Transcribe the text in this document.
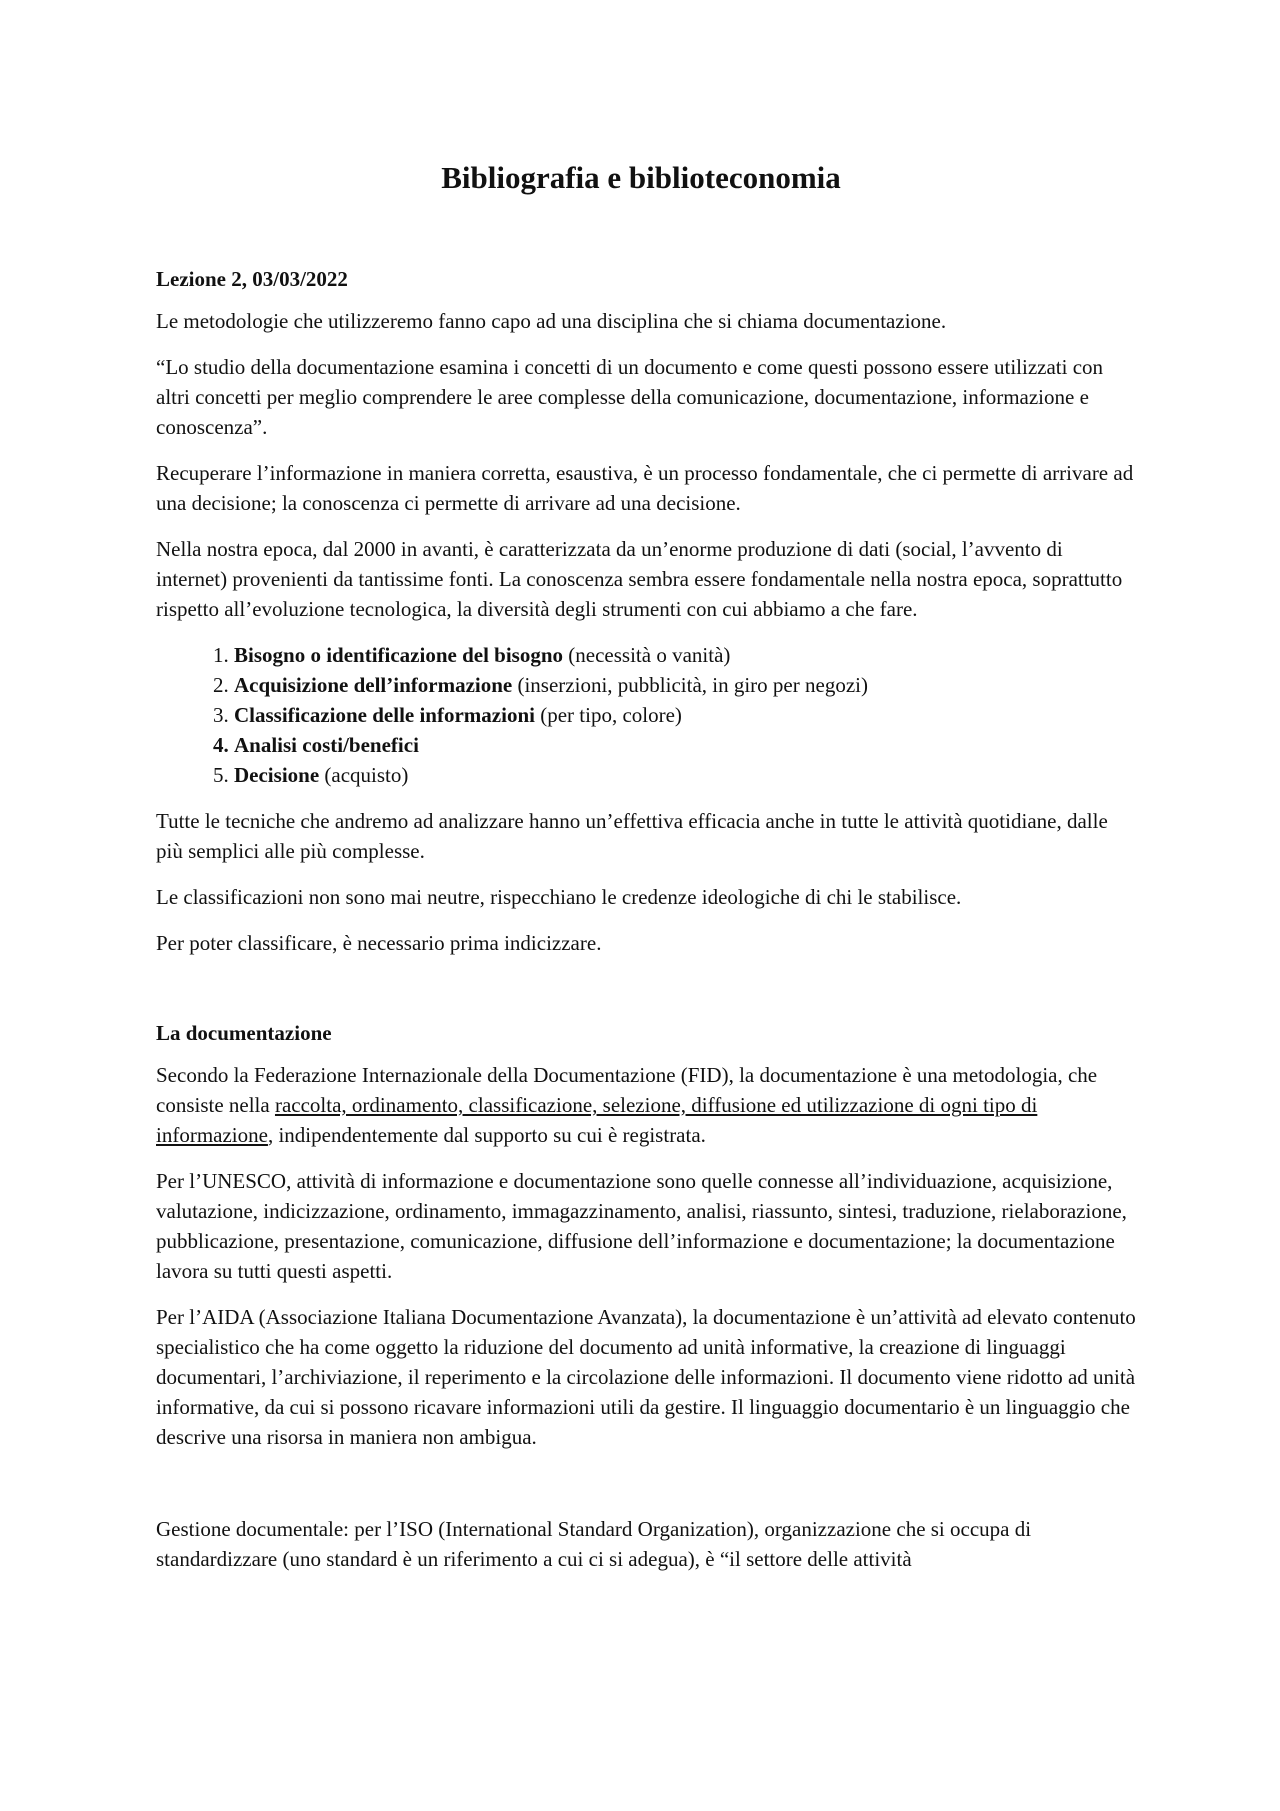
Bibliografia e biblioteconomia

Lezione 2, 03/03/2022

Le metodologie che utilizzeremo fanno capo ad una disciplina che si chiama documentazione.

“Lo studio della documentazione esamina i concetti di un documento e come questi possono essere utilizzati con altri concetti per meglio comprendere le aree complesse della comunicazione, documentazione, informazione e conoscenza”.

Recuperare l’informazione in maniera corretta, esaustiva, è un processo fondamentale, che ci permette di arrivare ad una decisione; la conoscenza ci permette di arrivare ad una decisione.

Nella nostra epoca, dal 2000 in avanti, è caratterizzata da un’enorme produzione di dati (social, l’avvento di internet) provenienti da tantissime fonti. La conoscenza sembra essere fondamentale nella nostra epoca, soprattutto rispetto all’evoluzione tecnologica, la diversità degli strumenti con cui abbiamo a che fare.

1. Bisogno o identificazione del bisogno (necessità o vanità)
2. Acquisizione dell’informazione (inserzioni, pubblicità, in giro per negozi)
3. Classificazione delle informazioni (per tipo, colore)
4. Analisi costi/benefici
5. Decisione (acquisto)

Tutte le tecniche che andremo ad analizzare hanno un’effettiva efficacia anche in tutte le attività quotidiane, dalle più semplici alle più complesse.

Le classificazioni non sono mai neutre, rispecchiano le credenze ideologiche di chi le stabilisce.

Per poter classificare, è necessario prima indicizzare.

La documentazione

Secondo la Federazione Internazionale della Documentazione (FID), la documentazione è una metodologia, che consiste nella raccolta, ordinamento, classificazione, selezione, diffusione ed utilizzazione di ogni tipo di informazione, indipendentemente dal supporto su cui è registrata.

Per l’UNESCO, attività di informazione e documentazione sono quelle connesse all’individuazione, acquisizione, valutazione, indicizzazione, ordinamento, immagazzinamento, analisi, riassunto, sintesi, traduzione, rielaborazione, pubblicazione, presentazione, comunicazione, diffusione dell’informazione e documentazione; la documentazione lavora su tutti questi aspetti.

Per l’AIDA (Associazione Italiana Documentazione Avanzata), la documentazione è un’attività ad elevato contenuto specialistico che ha come oggetto la riduzione del documento ad unità informative, la creazione di linguaggi documentari, l’archiviazione, il reperimento e la circolazione delle informazioni. Il documento viene ridotto ad unità informative, da cui si possono ricavare informazioni utili da gestire. Il linguaggio documentario è un linguaggio che descrive una risorsa in maniera non ambigua.

Gestione documentale: per l’ISO (International Standard Organization), organizzazione che si occupa di standardizzare (uno standard è un riferimento a cui ci si adegua), è “il settore delle attività
